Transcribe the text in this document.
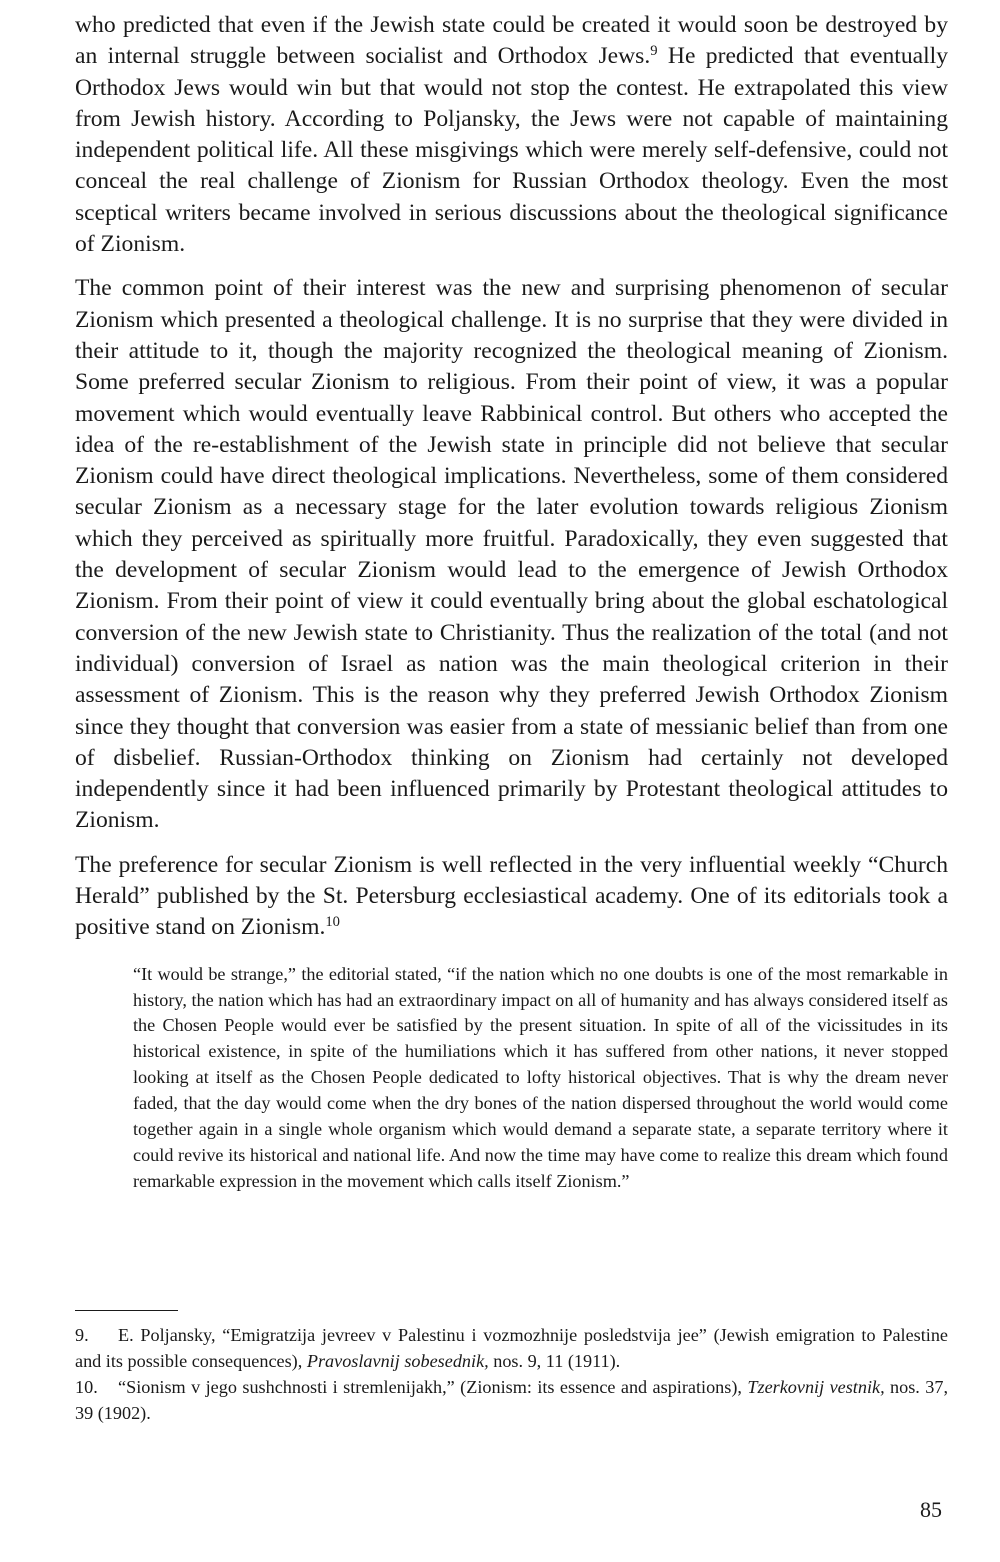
who predicted that even if the Jewish state could be created it would soon be destroyed by an internal struggle between socialist and Orthodox Jews.$^9$ He predicted that eventually Orthodox Jews would win but that would not stop the contest. He extrapolated this view from Jewish history. According to Poljansky, the Jews were not capable of maintaining independent political life. All these misgivings which were merely self-defensive, could not conceal the real challenge of Zionism for Russian Orthodox theology. Even the most sceptical writers became involved in serious discussions about the theological significance of Zionism.

The common point of their interest was the new and surprising phenomenon of secular Zionism which presented a theological challenge. It is no surprise that they were divided in their attitude to it, though the majority recognized the theological meaning of Zionism. Some preferred secular Zionism to religious. From their point of view, it was a popular movement which would eventually leave Rabbinical control. But others who accepted the idea of the re-establishment of the Jewish state in principle did not believe that secular Zionism could have direct theological implications. Nevertheless, some of them considered secular Zionism as a necessary stage for the later evolution towards religious Zionism which they perceived as spiritually more fruitful. Paradoxically, they even suggested that the development of secular Zionism would lead to the emergence of Jewish Orthodox Zionism. From their point of view it could eventually bring about the global eschatological conversion of the new Jewish state to Christianity. Thus the realization of the total (and not individual) conversion of Israel as nation was the main theological criterion in their assessment of Zionism. This is the reason why they preferred Jewish Orthodox Zionism since they thought that conversion was easier from a state of messianic belief than from one of disbelief. Russian-Orthodox thinking on Zionism had certainly not developed independently since it had been influenced primarily by Protestant theological attitudes to Zionism.

The preference for secular Zionism is well reflected in the very influential weekly “Church Herald” published by the St. Petersburg ecclesiastical academy. One of its editorials took a positive stand on Zionism.$^{10}$

“It would be strange,” the editorial stated, “if the nation which no one doubts is one of the most remarkable in history, the nation which has had an extraordinary impact on all of humanity and has always considered itself as the Chosen People would ever be satisfied by the present situation. In spite of all of the vicissitudes in its historical existence, in spite of the humiliations which it has suffered from other nations, it never stopped looking at itself as the Chosen People dedicated to lofty historical objectives. That is why the dream never faded, that the day would come when the dry bones of the nation dispersed throughout the world would come together again in a single whole organism which would demand a separate state, a separate territory where it could revive its historical and national life. And now the time may have come to realize this dream which found remarkable expression in the movement which calls itself Zionism.”

9. E. Poljansky, “Emigratzija jevreev v Palestinu i vozmozhnije posledstvija jee” (Jewish emigration to Palestine and its possible consequences), Pravoslavnij sobesednik, nos. 9, 11 (1911).

10. “Sionism v jego sushchnosti i stremlenijakh,” (Zionism: its essence and aspirations), Tzerkovnij vestnik, nos. 37, 39 (1902).

85
